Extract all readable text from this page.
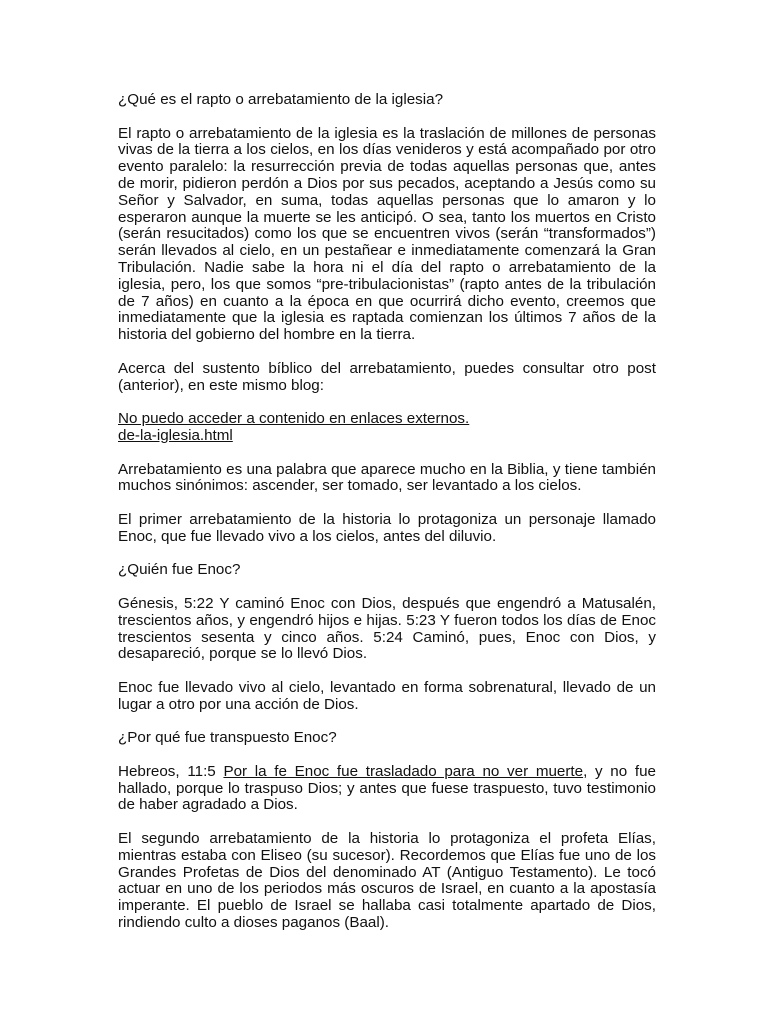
¿Qué es el rapto o arrebatamiento de la iglesia?

El rapto o arrebatamiento de la iglesia es la traslación de millones de personas vivas de la tierra a los cielos, en los días venideros y está acompañado por otro evento paralelo: la resurrección previa de todas aquellas personas que, antes de morir, pidieron perdón a Dios por sus pecados, aceptando a Jesús como su Señor y Salvador, en suma, todas aquellas personas que lo amaron y lo esperaron aunque la muerte se les anticipó. O sea, tanto los muertos en Cristo (serán resucitados) como los que se encuentren vivos (serán “transformados”) serán llevados al cielo, en un pestañear e inmediatamente comenzará la Gran Tribulación. Nadie sabe la hora ni el día del rapto o arrebatamiento de la iglesia, pero, los que somos “pre-tribulacionistas” (rapto antes de la tribulación de 7 años) en cuanto a la época en que ocurrirá dicho evento, creemos que inmediatamente que la iglesia es raptada comienzan los últimos 7 años de la historia del gobierno del hombre en la tierra.

Acerca del sustento bíblico del arrebatamiento, puedes consultar otro post (anterior), en este mismo blog:

No puedo acceder a contenido en enlaces externos.
de-la-iglesia.html

Arrebatamiento es una palabra que aparece mucho en la Biblia, y tiene también muchos sinónimos: ascender, ser tomado, ser levantado a los cielos.

El primer arrebatamiento de la historia lo protagoniza un personaje llamado Enoc, que fue llevado vivo a los cielos, antes del diluvio.

¿Quién fue Enoc?

Génesis, 5:22 Y caminó Enoc con Dios, después que engendró a Matusalén, trescientos años, y engendró hijos e hijas. 5:23 Y fueron todos los días de Enoc trescientos sesenta y cinco años. 5:24 Caminó, pues, Enoc con Dios, y desapareció, porque se lo llevó Dios.

Enoc fue llevado vivo al cielo, levantado en forma sobrenatural, llevado de un lugar a otro por una acción de Dios.

¿Por qué fue transpuesto Enoc?

Hebreos, 11:5 Por la fe Enoc fue trasladado para no ver muerte, y no fue hallado, porque lo traspuso Dios; y antes que fuese traspuesto, tuvo testimonio de haber agradado a Dios.

El segundo arrebatamiento de la historia lo protagoniza el profeta Elías, mientras estaba con Eliseo (su sucesor). Recordemos que Elías fue uno de los Grandes Profetas de Dios del denominado AT (Antiguo Testamento). Le tocó actuar en uno de los periodos más oscuros de Israel, en cuanto a la apostasía imperante. El pueblo de Israel se hallaba casi totalmente apartado de Dios, rindiendo culto a dioses paganos (Baal).
